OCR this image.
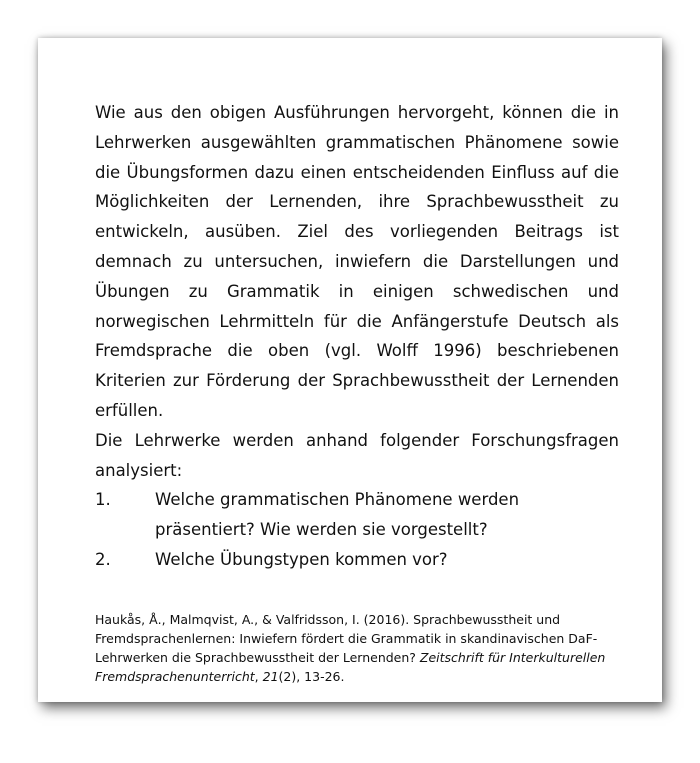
Wie aus den obigen Ausführungen hervorgeht, können die in Lehrwerken ausgewählten grammatischen Phänomene sowie die Übungsformen dazu einen entscheidenden Einfluss auf die Möglichkeiten der Lernenden, ihre Sprachbewusstheit zu entwickeln, ausüben. Ziel des vorliegenden Beitrags ist demnach zu untersuchen, inwiefern die Darstellungen und Übungen zu Grammatik in einigen schwedischen und norwegischen Lehrmitteln für die Anfängerstufe Deutsch als Fremdsprache die oben (vgl. Wolff 1996) beschriebenen Kriterien zur Förderung der Sprachbewusstheit der Lernenden erfüllen.

Die Lehrwerke werden anhand folgender Forschungsfragen analysiert:

1.	Welche grammatischen Phänomene werden präsentiert? Wie werden sie vorgestellt?
2.	Welche Übungstypen kommen vor?
Haukås, Å., Malmqvist, A., & Valfridsson, I. (2016). Sprachbewusstheit und Fremdsprachenlernen: Inwiefern fördert die Grammatik in skandinavischen DaF-Lehrwerken die Sprachbewusstheit der Lernenden? Zeitschrift für Interkulturellen Fremdsprachenunterricht, 21(2), 13-26.
